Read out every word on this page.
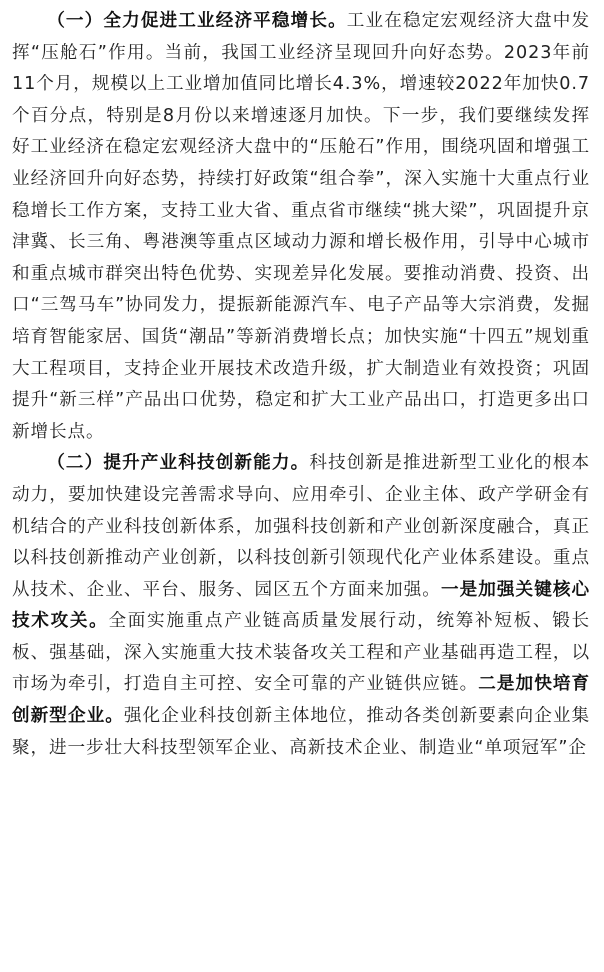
（一）全力促进工业经济平稳增长。工业在稳定宏观经济大盘中发挥“压舱石”作用。当前，我国工业经济呈现回升向好态势。2023年前11个月，规模以上工业增加值同比增长4.3%，增速较2022年加快0.7个百分点，特别是8月份以来增速逐月加快。下一步，我们要继续发挥好工业经济在稳定宏观经济大盘中的“压舱石”作用，围绕巩固和增强工业经济回升向好态势，持续打好政策“组合拳”，深入实施十大重点行业稳增长工作方案，支持工业大省、重点省市继续“挑大梁”，巩固提升京津冀、长三角、粤港澳等重点区域动力源和增长极作用，引导中心城市和重点城市群突出特色优势、实现差异化发展。要推动消费、投资、出口“三驾马车”协同发力，提振新能源汽车、电子产品等大宗消费，发掘培育智能家居、国货“潮品”等新消费增长点；加快实施“十四五”规划重大工程项目，支持企业开展技术改造升级，扩大制造业有效投资；巩固提升“新三样”产品出口优势，稳定和扩大工业产品出口，打造更多出口新增长点。

（二）提升产业科技创新能力。科技创新是推进新型工业化的根本动力，要加快建设完善需求导向、应用牵引、企业主体、政产学研金有机结合的产业科技创新体系，加强科技创新和产业创新深度融合，真正以科技创新推动产业创新，以科技创新引领现代化产业体系建设。重点从技术、企业、平台、服务、园区五个方面来加强。一是加强关键核心技术攻关。全面实施重点产业链高质量发展行动，统筹补短板、锻长板、强基础，深入实施重大技术装备攻关工程和产业基础再造工程，以市场为牵引，打造自主可控、安全可靠的产业链供应链。二是加快培育创新型企业。强化企业科技创新主体地位，推动各类创新要素向企业集聚，进一步壮大科技型领军企业、高新技术企业、制造业“单项冠军”企
